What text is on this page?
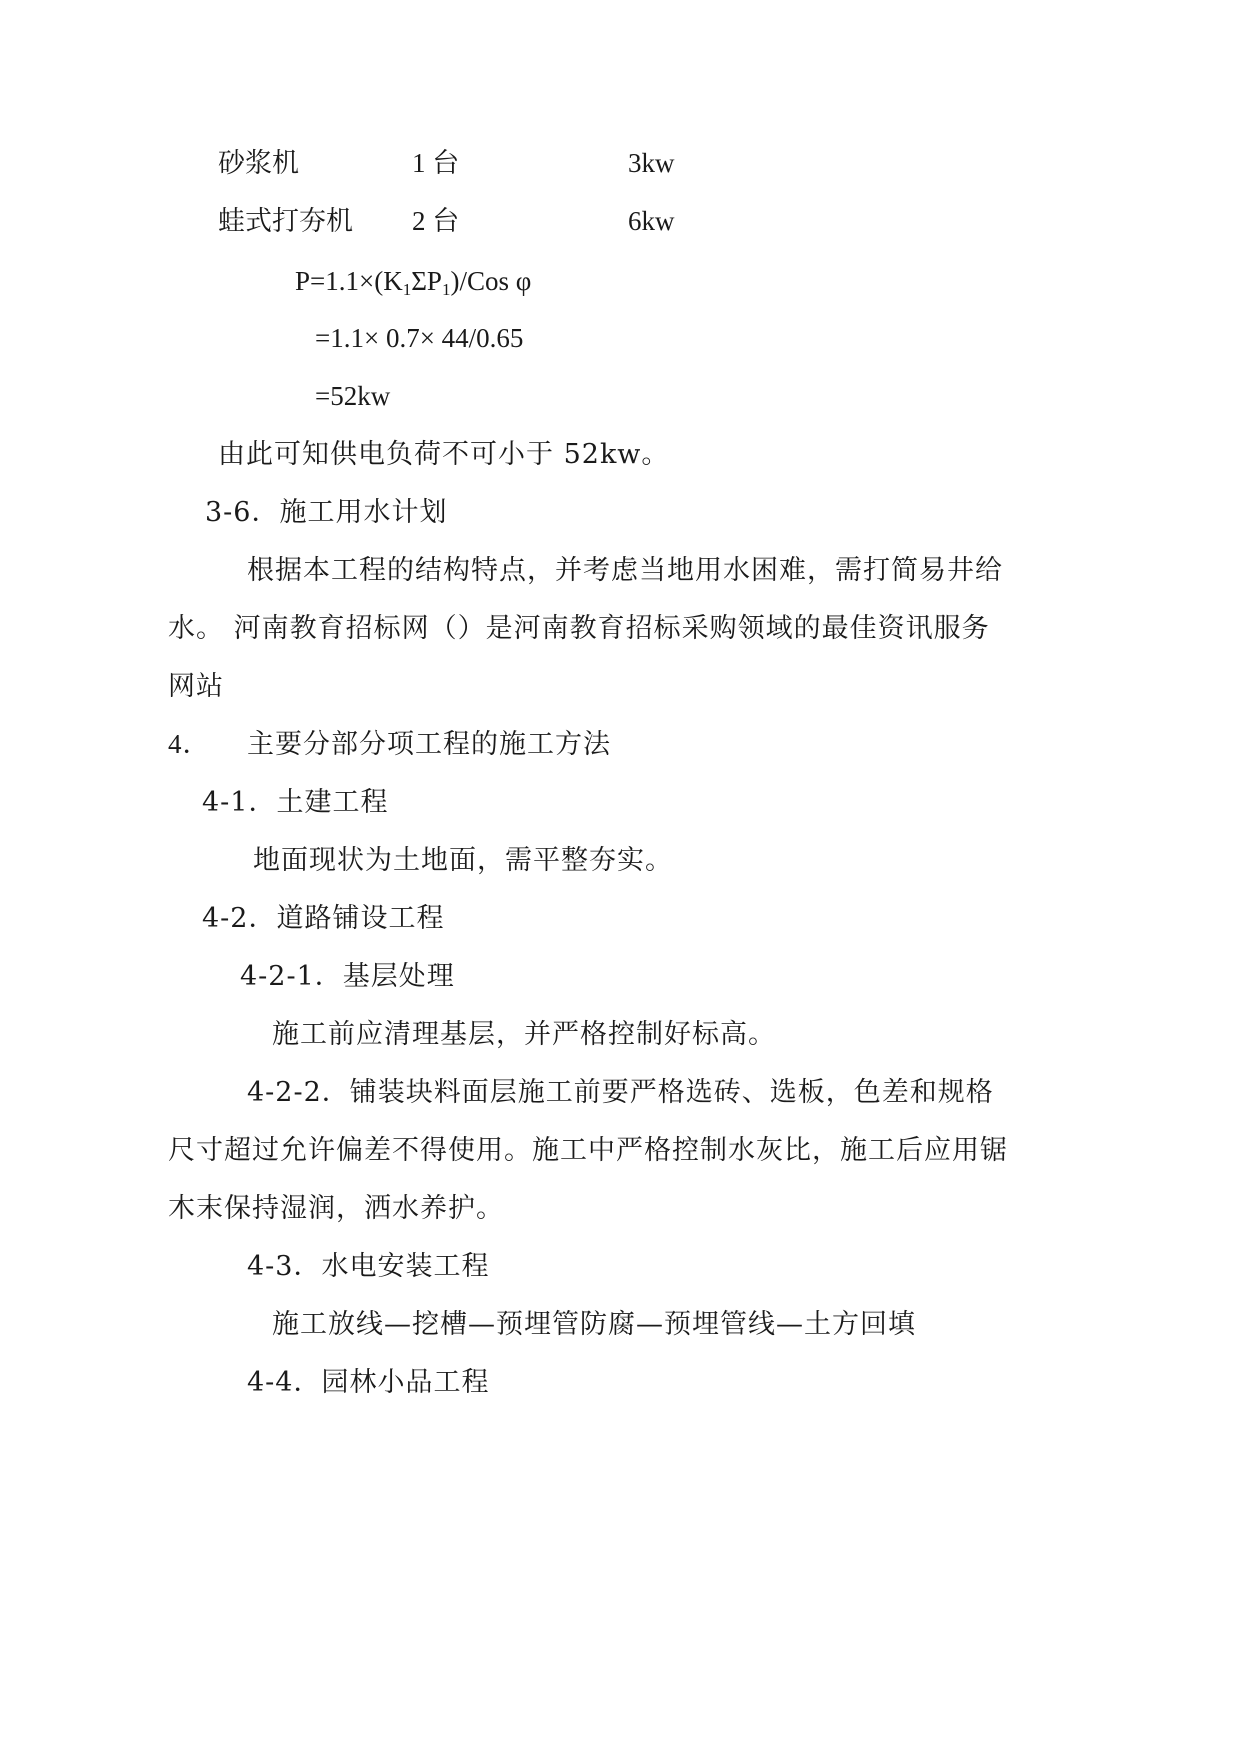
砂浆机	1 台	3kw
蛙式打夯机 2 台	6kw
$P=1.1\times(K_1\Sigma P_1)$/Cos φ
=1.1× 0.7× 44/0.65
=52kw
由此可知供电负荷不可小于 52kw。
3-6．施工用水计划
根据本工程的结构特点，并考虑当地用水困难，需打简易井给
水。 河南教育招标网（）是河南教育招标采购领域的最佳资讯服务
网站
4． 主要分部分项工程的施工方法
4-1．土建工程
地面现状为土地面，需平整夯实。
4-2．道路铺设工程
4-2-1．基层处理
施工前应清理基层，并严格控制好标高。
4-2-2．铺装块料面层施工前要严格选砖、选板，色差和规格
尺寸超过允许偏差不得使用。施工中严格控制水灰比，施工后应用锯
木末保持湿润，洒水养护。
4-3．水电安装工程
施工放线—挖槽—预埋管防腐—预埋管线—土方回填
4-4．园林小品工程
